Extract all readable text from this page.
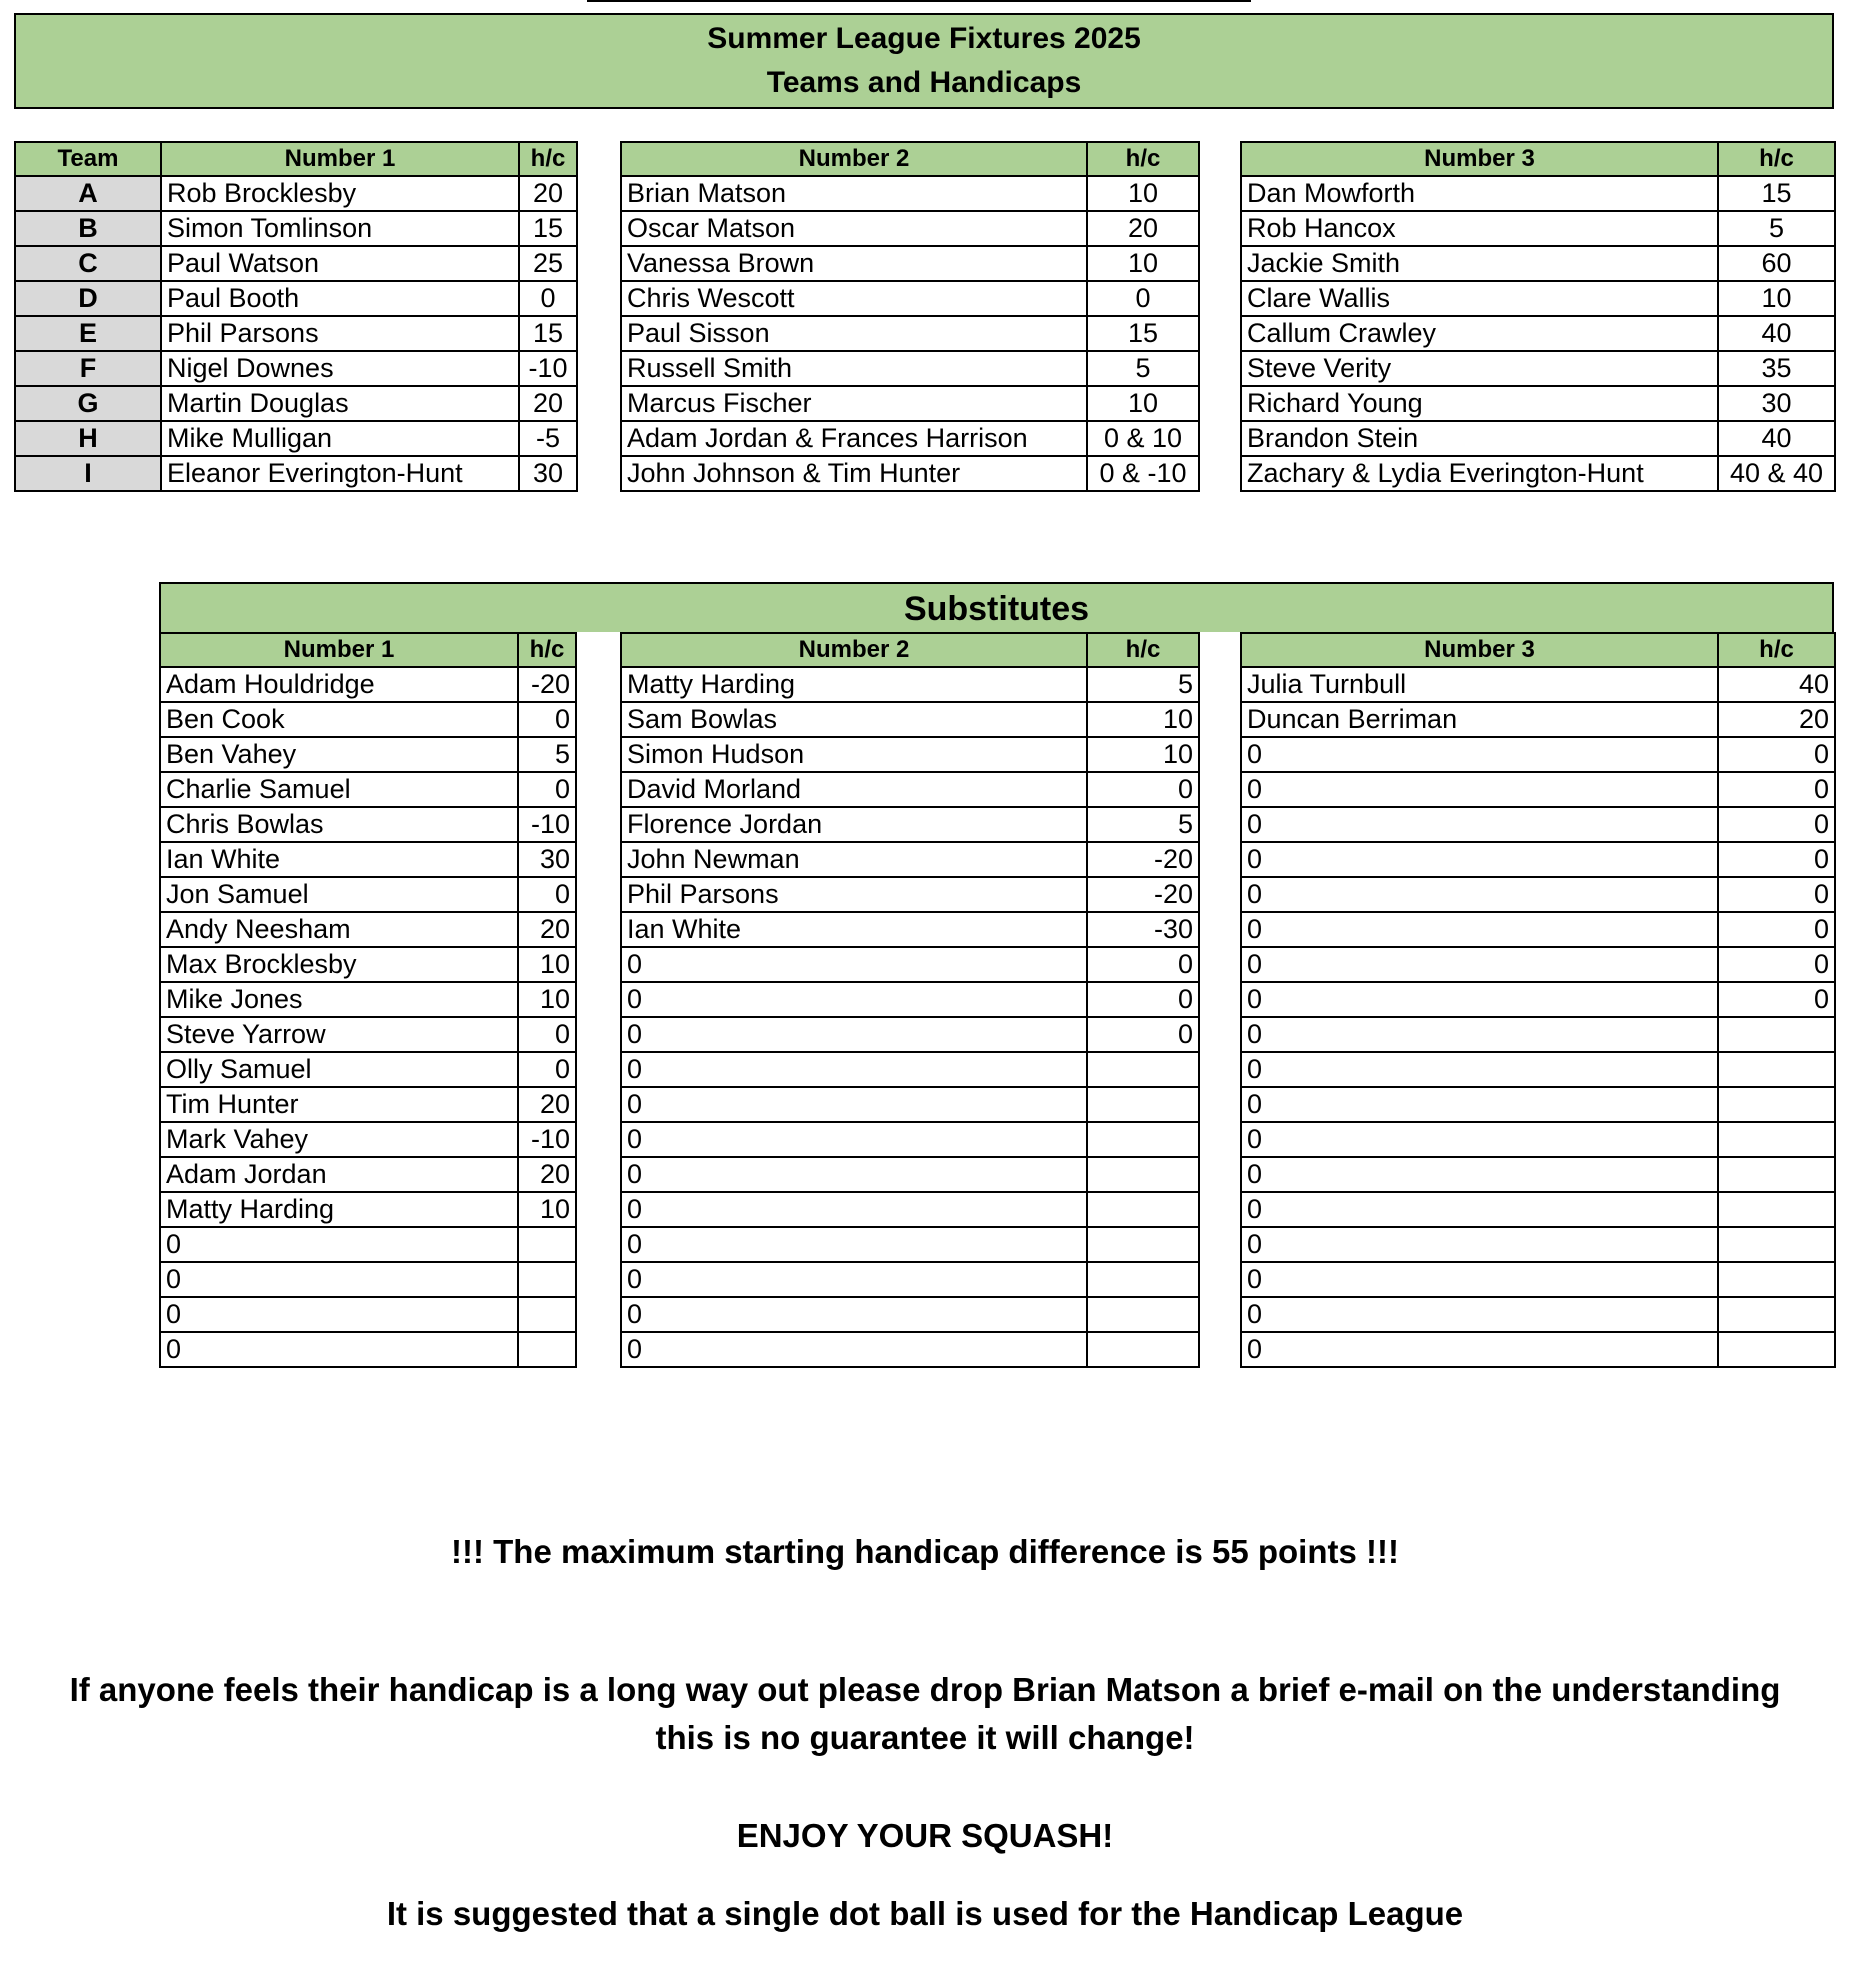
Summer League Fixtures 2025
Teams and Handicaps
Team	Number 1	h/c
A	Rob Brocklesby	20
B	Simon Tomlinson	15
C	Paul Watson	25
D	Paul Booth	0
E	Phil Parsons	15
F	Nigel Downes	-10
G	Martin Douglas	20
H	Mike Mulligan	-5
I	Eleanor Everington-Hunt	30
Number 2	h/c
Brian Matson	10
Oscar Matson	20
Vanessa Brown	10
Chris Wescott	0
Paul Sisson	15
Russell Smith	5
Marcus Fischer	10
Adam Jordan & Frances Harrison	0 & 10
John Johnson & Tim Hunter	0 & -10
Number 3	h/c
Dan Mowforth	15
Rob Hancox	5
Jackie Smith	60
Clare Wallis	10
Callum Crawley	40
Steve Verity	35
Richard Young	30
Brandon Stein	40
Zachary & Lydia Everington-Hunt	40 & 40
Substitutes
Number 1	h/c
Adam Houldridge	-20
Ben Cook	0
Ben Vahey	5
Charlie Samuel	0
Chris Bowlas	-10
Ian White	30
Jon Samuel	0
Andy Neesham	20
Max Brocklesby	10
Mike Jones	10
Steve Yarrow	0
Olly Samuel	0
Tim Hunter	20
Mark Vahey	-10
Adam Jordan	20
Matty Harding	10
0	
0	
0	
0	
Number 2	h/c
Matty Harding	5
Sam Bowlas	10
Simon Hudson	10
David Morland	0
Florence Jordan	5
John Newman	-20
Phil Parsons	-20
Ian White	-30
0	0
0	0
0	0
0	
0	
0	
0	
0	
0	
0	
0	
0	
Number 3	h/c
Julia Turnbull	40
Duncan Berriman	20
0	0
0	0
0	0
0	0
0	0
0	0
0	0
0	0
0	
0	
0	
0	
0	
0	
0	
0	
0	
0	
!!! The maximum starting handicap difference is 55 points !!!
If anyone feels their handicap is a long way out please drop Brian Matson a brief e-mail on the understanding
this is no guarantee it will change!
ENJOY YOUR SQUASH!
It is suggested that a single dot ball is used for the Handicap League
